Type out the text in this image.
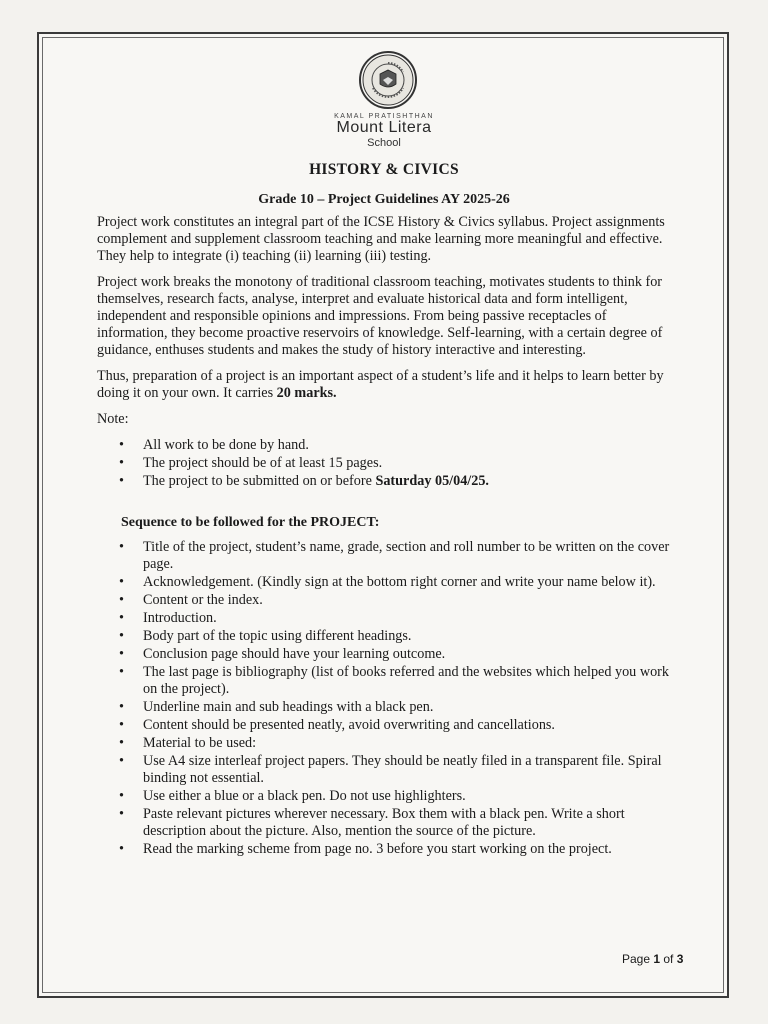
KAMAL PRATISHTHAN
Mount Litera
School
HISTORY & CIVICS
Grade 10 – Project Guidelines AY 2025-26

Project work constitutes an integral part of the ICSE History & Civics syllabus. Project assignments complement and supplement classroom teaching and make learning more meaningful and effective. They help to integrate (i) teaching (ii) learning (iii) testing.

Project work breaks the monotony of traditional classroom teaching, motivates students to think for themselves, research facts, analyse, interpret and evaluate historical data and form intelligent, independent and responsible opinions and impressions. From being passive receptacles of information, they become proactive reservoirs of knowledge. Self-learning, with a certain degree of guidance, enthuses students and makes the study of history interactive and interesting.

Thus, preparation of a project is an important aspect of a student’s life and it helps to learn better by doing it on your own. It carries 20 marks.

Note:

• All work to be done by hand.
• The project should be of at least 15 pages.
• The project to be submitted on or before Saturday 05/04/25.
Sequence to be followed for the PROJECT:
• Title of the project, student’s name, grade, section and roll number to be written on the cover page.
• Acknowledgement. (Kindly sign at the bottom right corner and write your name below it).
• Content or the index.
• Introduction.
• Body part of the topic using different headings.
• Conclusion page should have your learning outcome.
• The last page is bibliography (list of books referred and the websites which helped you work on the project).
• Underline main and sub headings with a black pen.
• Content should be presented neatly, avoid overwriting and cancellations.
• Material to be used:
• Use A4 size interleaf project papers. They should be neatly filed in a transparent file. Spiral binding not essential.
• Use either a blue or a black pen. Do not use highlighters.
• Paste relevant pictures wherever necessary. Box them with a black pen. Write a short description about the picture. Also, mention the source of the picture.
• Read the marking scheme from page no. 3 before you start working on the project.
Page 1 of 3
